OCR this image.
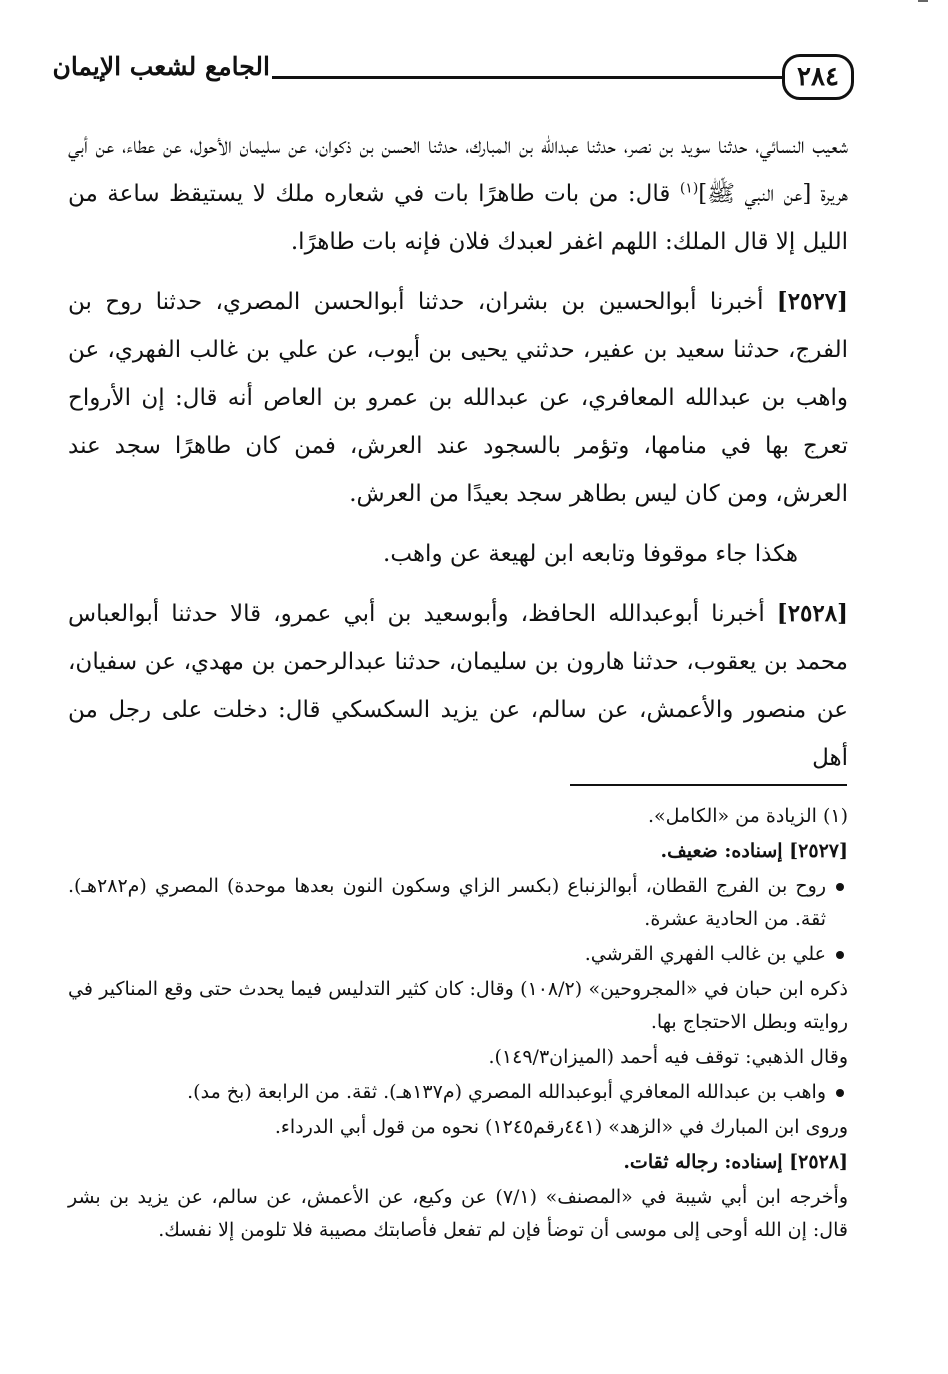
الجامع لشعب الإيمان	٢٨٤

شعيب النسائي، حدثنا سويد بن نصر، حدثنا عبدالله بن المبارك، حدثنا الحسن بن ذكوان، عن سليمان الأحول، عن عطاء، عن أبي هريرة [عن النبي ﷺ]$^{(١)}$ قال: من بات طاهرًا بات في شعاره ملك لا يستيقظ ساعة من الليل إلا قال الملك: اللهم اغفر لعبدك فلان فإنه بات طاهرًا.

[٢٥٢٧] أخبرنا أبوالحسين بن بشران، حدثنا أبوالحسن المصري، حدثنا روح بن الفرج، حدثنا سعيد بن عفير، حدثني يحيى بن أيوب، عن علي بن غالب الفهري، عن واهب بن عبدالله المعافري، عن عبدالله بن عمرو بن العاص أنه قال: إن الأرواح تعرج بها في منامها، وتؤمر بالسجود عند العرش، فمن كان طاهرًا سجد عند العرش، ومن كان ليس بطاهر سجد بعيدًا من العرش.

هكذا جاء موقوفا وتابعه ابن لهيعة عن واهب.

[٢٥٢٨] أخبرنا أبوعبدالله الحافظ، وأبوسعيد بن أبي عمرو، قالا حدثنا أبوالعباس محمد بن يعقوب، حدثنا هارون بن سليمان، حدثنا عبدالرحمن بن مهدي، عن سفيان، عن منصور والأعمش، عن سالم، عن يزيد السكسكي قال: دخلت على رجل من أهل

(١) الزيادة من «الكامل».

[٢٥٢٧] إسناده: ضعيف.

روح بن الفرج القطان، أبوالزنباع (بكسر الزاي وسكون النون بعدها موحدة) المصري (م٢٨٢هـ). ثقة. من الحادية عشرة.
علي بن غالب الفهري القرشي.

ذكره ابن حبان في «المجروحين» (١٠٨/٢) وقال: كان كثير التدليس فيما يحدث حتى وقع المناكير في روايته وبطل الاحتجاج بها.

وقال الذهبي: توقف فيه أحمد (الميزان١٤٩/٣).

واهب بن عبدالله المعافري أبوعبدالله المصري (م١٣٧هـ). ثقة. من الرابعة (بخ مد).

وروى ابن المبارك في «الزهد» (٤٤١رقم١٢٤٥) نحوه من قول أبي الدرداء.

[٢٥٢٨] إسناده: رجاله ثقات.

وأخرجه ابن أبي شيبة في «المصنف» (٧/١) عن وكيع، عن الأعمش، عن سالم، عن يزيد بن بشر قال: إن الله أوحى إلى موسى أن توضأ فإن لم تفعل فأصابتك مصيبة فلا تلومن إلا نفسك.
